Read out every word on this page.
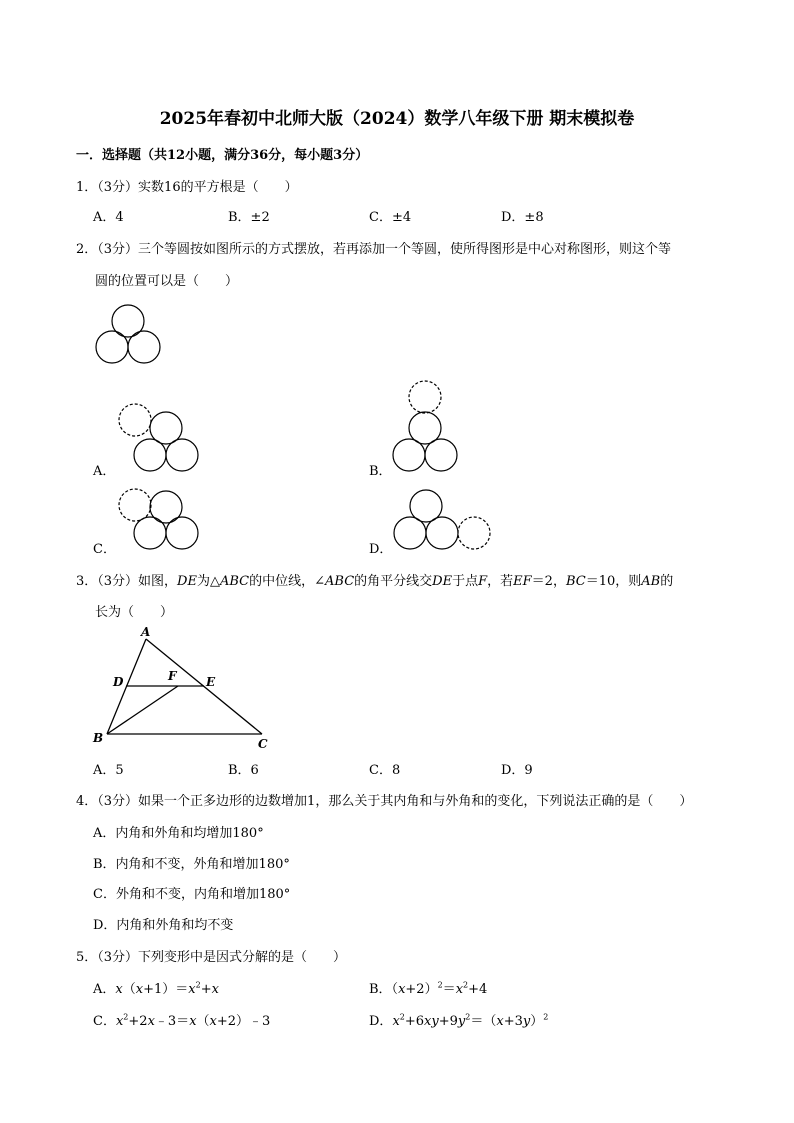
2025年春初中北师大版（2024）数学八年级下册 期末模拟卷
一．选择题（共12小题，满分36分，每小题3分）
1．（3分）实数16的平方根是（　　）
A．4	B．±2	C．±4	D．±8
2．（3分）三个等圆按如图所示的方式摆放，若再添加一个等圆，使所得图形是中心对称图形，则这个等
圆的位置可以是（　　）
A．	B．
C．	D．
3．（3分）如图，DE为△ABC的中位线，∠ABC的角平分线交DE于点F，若EF＝2，BC＝10，则AB的
长为（　　）
A
D	F E
B	C
A．5	B．6	C．8	D．9
4．（3分）如果一个正多边形的边数增加1，那么关于其内角和与外角和的变化，下列说法正确的是（　　）
A．内角和外角和均增加180°
B．内角和不变，外角和增加180°
C．外角和不变，内角和增加180°
D．内角和外角和均不变
5．（3分）下列变形中是因式分解的是（　　）
A．$x(x+1)=x^2+x$	B．$(x+2)^2=x^2+4$
C．$x^2+2x﹣3=x(x+2)﹣3$	D．$x^2+6xy+9y^2=(x+3y)^2$
